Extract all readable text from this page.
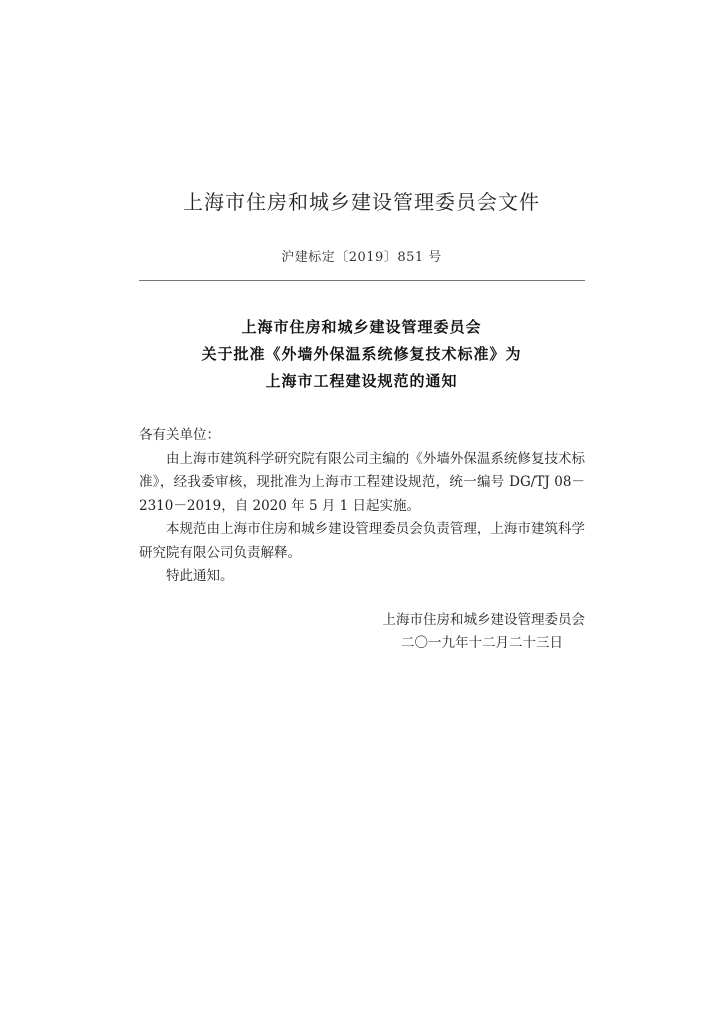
上海市住房和城乡建设管理委员会文件
沪建标定〔2019〕851 号
上海市住房和城乡建设管理委员会
关于批准《外墙外保温系统修复技术标准》为
上海市工程建设规范的通知

各有关单位：

由上海市建筑科学研究院有限公司主编的《外墙外保温系统修复技术标准》，经我委审核，现批准为上海市工程建设规范，统一编号 DG/TJ 08－2310－2019，自 2020 年 5 月 1 日起实施。

本规范由上海市住房和城乡建设管理委员会负责管理，上海市建筑科学研究院有限公司负责解释。

特此通知。

上海市住房和城乡建设管理委员会
二〇一九年十二月二十三日
